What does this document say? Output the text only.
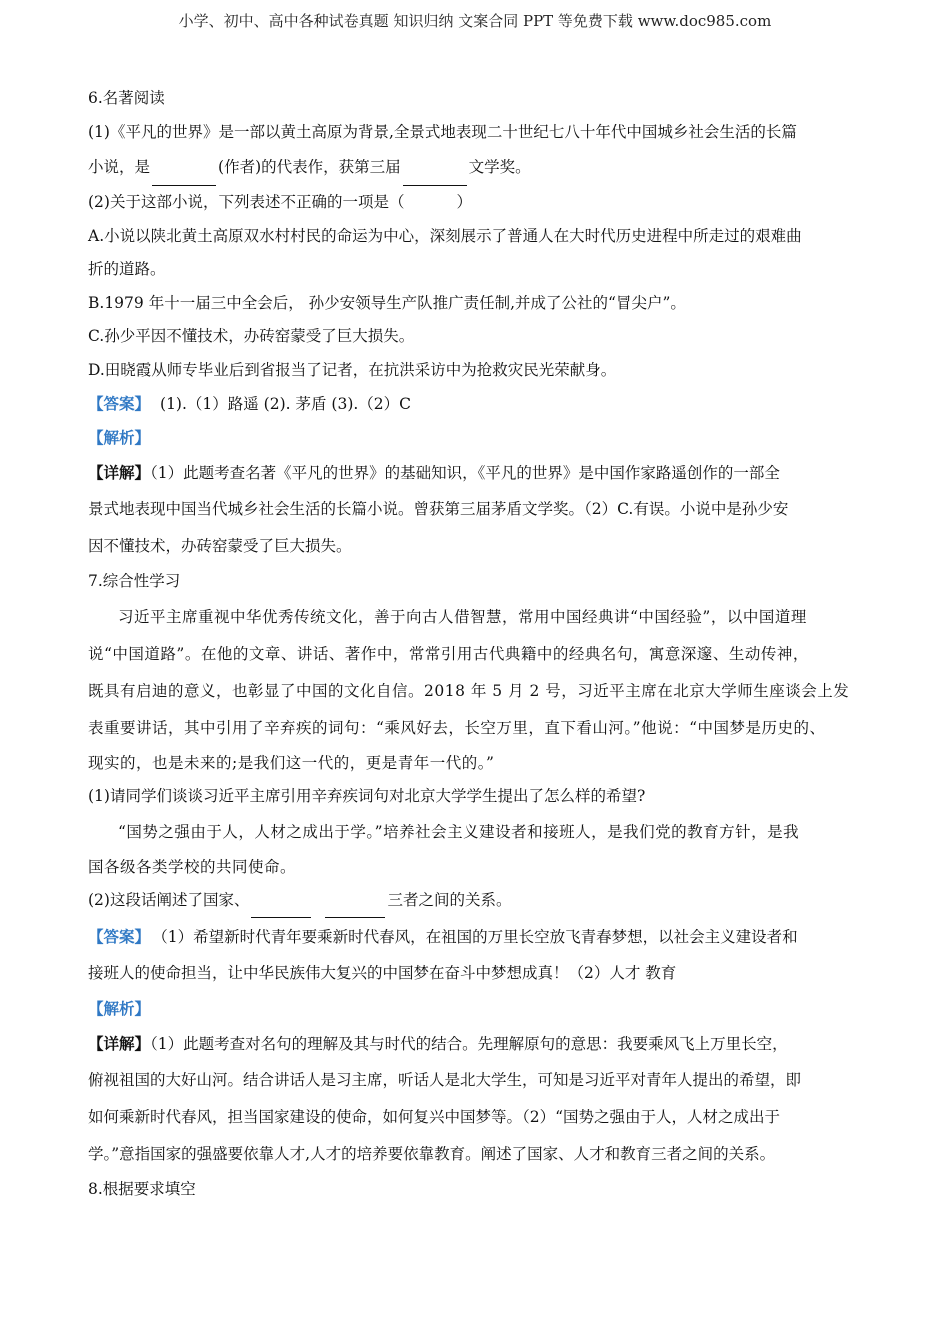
小学、初中、高中各种试卷真题 知识归纳 文案合同 PPT 等免费下载 www.doc985.com
6.名著阅读
(1)《平凡的世界》是一部以黄土高原为背景,全景式地表现二十世纪七八十年代中国城乡社会生活的长篇
小说，是	(作者)的代表作，获第三届	文学奖。
(2)关于这部小说，下列表述不正确的一项是（	）
A.小说以陕北黄土高原双水村村民的命运为中心，深刻展示了普通人在大时代历史进程中所走过的艰难曲
折的道路。
B.1979 年十一届三中全会后， 孙少安领导生产队推广责任制,并成了公社的“冒尖户”。
C.孙少平因不懂技术，办砖窑蒙受了巨大损失。
D.田晓霞从师专毕业后到省报当了记者，在抗洪采访中为抢救灾民光荣献身。
【答案】 (1).（1）路遥 (2). 茅盾 (3).（2）C
【解析】
【详解】（1）此题考查名著《平凡的世界》的基础知识，《平凡的世界》是中国作家路遥创作的一部全
景式地表现中国当代城乡社会生活的长篇小说。曾获第三届茅盾文学奖。（2）C.有误。小说中是孙少安
因不懂技术，办砖窑蒙受了巨大损失。
7.综合性学习
习近平主席重视中华优秀传统文化，善于向古人借智慧，常用中国经典讲“中国经验”，以中国道理
说“中国道路”。在他的文章、讲话、著作中，常常引用古代典籍中的经典名句，寓意深邃、生动传神，
既具有启迪的意义，也彰显了中国的文化自信。2018 年 5 月 2 号，习近平主席在北京大学师生座谈会上发
表重要讲话，其中引用了辛弃疾的词句：“乘风好去，长空万里，直下看山河。”他说：“中国梦是历史的、
现实的，也是未来的;是我们这一代的，更是青年一代的。”
(1)请同学们谈谈习近平主席引用辛弃疾词句对北京大学学生提出了怎么样的希望?
“国势之强由于人，人材之成出于学。”培养社会主义建设者和接班人，是我们党的教育方针，是我
国各级各类学校的共同使命。
(2)这段话阐述了国家、	三者之间的关系。
【答案】 （1）希望新时代青年要乘新时代春风，在祖国的万里长空放飞青春梦想，以社会主义建设者和
接班人的使命担当，让中华民族伟大复兴的中国梦在奋斗中梦想成真！（2）人才 教育
【解析】
【详解】（1）此题考查对名句的理解及其与时代的结合。先理解原句的意思：我要乘风飞上万里长空，
俯视祖国的大好山河。结合讲话人是习主席，听话人是北大学生，可知是习近平对青年人提出的希望，即
如何乘新时代春风，担当国家建设的使命，如何复兴中国梦等。（2）“国势之强由于人，人材之成出于
学。”意指国家的强盛要依靠人才,人才的培养要依靠教育。阐述了国家、人才和教育三者之间的关系。
8.根据要求填空
